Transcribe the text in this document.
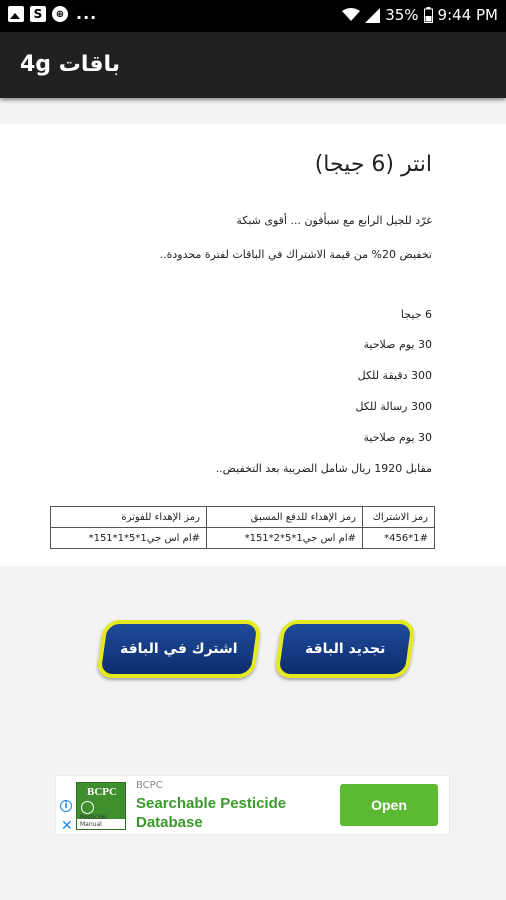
S	⊕ ...	35% 9:44 PM
باقات 4g
انتر (6 جيجا)
غرّد للجيل الرابع مع سبأفون ... أقوى شبكة
تخفيض 20% من قيمة الاشتراك في الباقات لفترة محدودة..
6 جيجا
30 يوم صلاحية
300 دقيقة للكل
300 رسالة للكل
30 يوم صلاحية
مقابل 1920 ريال شامل الضريبة بعد التخفيض..
رمز الاشتراك	رمز الإهداء للدفع المسبق	رمز الإهداء للفوترة
*456*1#	*151*2*5*1ام اس جي#	*151*1*5*1ام اس جي#
تجديد الباقة
اشترك في الباقة
i
✕
BCPC
Pesticide Manual
BCPC
Searchable Pesticide Database
Open
